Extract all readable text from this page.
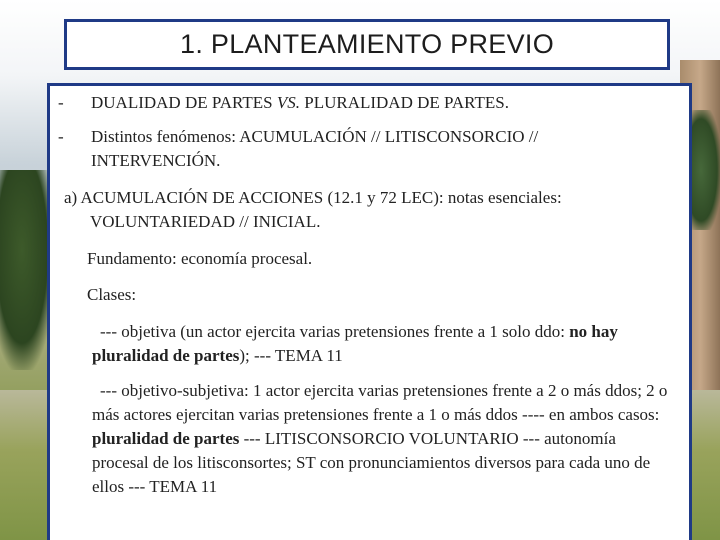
1. PLANTEAMIENTO PREVIO
- DUALIDAD DE PARTES VS. PLURALIDAD DE PARTES.
- Distintos fenómenos: ACUMULACIÓN // LITISCONSORCIO // INTERVENCIÓN.
a) ACUMULACIÓN DE ACCIONES (12.1 y 72 LEC): notas esenciales: VOLUNTARIEDAD // INICIAL.
Fundamento: economía procesal.
Clases:
--- objetiva (un actor ejercita varias pretensiones frente a 1 solo ddo: no hay pluralidad de partes); --- TEMA 11
--- objetivo-subjetiva: 1 actor ejercita varias pretensiones frente a 2 o más ddos; 2 o más actores ejercitan varias pretensiones frente a 1 o más ddos ---- en ambos casos: pluralidad de partes --- LITISCONSORCIO VOLUNTARIO --- autonomía procesal de los litisconsortes; ST con pronunciamientos diversos para cada uno de ellos --- TEMA 11
